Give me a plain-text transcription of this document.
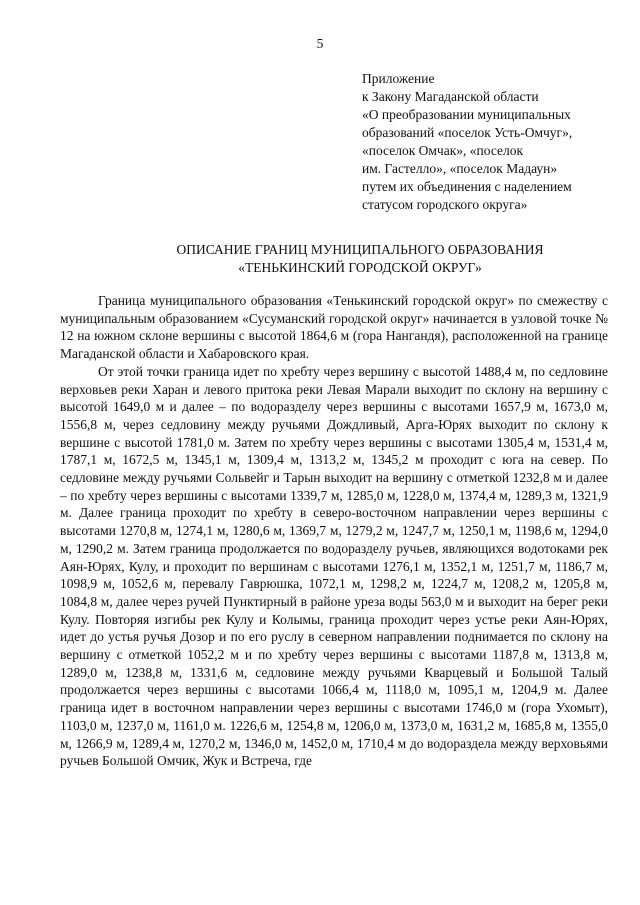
5
Приложение
к Закону Магаданской области
«О преобразовании муниципальных
образований «поселок Усть-Омчуг»,
«поселок Омчак», «поселок
им. Гастелло», «поселок Мадаун»
путем их объединения с наделением
статусом городского округа»
ОПИСАНИЕ ГРАНИЦ МУНИЦИПАЛЬНОГО ОБРАЗОВАНИЯ
«ТЕНЬКИНСКИЙ ГОРОДСКОЙ ОКРУГ»

Граница муниципального образования «Тенькинский городской округ» по смежеству с муниципальным образованием «Сусуманский городской округ» начинается в узловой точке № 12 на южном склоне вершины с высотой 1864,6 м (гора Нангандя), расположенной на границе Магаданской области и Хабаровского края.

От этой точки граница идет по хребту через вершину с высотой 1488,4 м, по седловине верховьев реки Харан и левого притока реки Левая Марали выходит по склону на вершину с высотой 1649,0 м и далее – по водоразделу через вершины с высотами 1657,9 м, 1673,0 м, 1556,8 м, через седловину между ручьями Дождливый, Арга-Юрях выходит по склону к вершине с высотой 1781,0 м. Затем по хребту через вершины с высотами 1305,4 м, 1531,4 м, 1787,1 м, 1672,5 м, 1345,1 м, 1309,4 м, 1313,2 м, 1345,2 м проходит с юга на север. По седловине между ручьями Сольвейг и Тарын выходит на вершину с отметкой 1232,8 м и далее – по хребту через вершины с высотами 1339,7 м, 1285,0 м, 1228,0 м, 1374,4 м, 1289,3 м, 1321,9 м. Далее граница проходит по хребту в северо-восточном направлении через вершины с высотами 1270,8 м, 1274,1 м, 1280,6 м, 1369,7 м, 1279,2 м, 1247,7 м, 1250,1 м, 1198,6 м, 1294,0 м, 1290,2 м. Затем граница продолжается по водоразделу ручьев, являющихся водотоками рек Аян-Юрях, Кулу, и проходит по вершинам с высотами 1276,1 м, 1352,1 м, 1251,7 м, 1186,7 м, 1098,9 м, 1052,6 м, перевалу Гаврюшка, 1072,1 м, 1298,2 м, 1224,7 м, 1208,2 м, 1205,8 м, 1084,8 м, далее через ручей Пунктирный в районе уреза воды 563,0 м и выходит на берег реки Кулу. Повторяя изгибы рек Кулу и Колымы, граница проходит через устье реки Аян-Юрях, идет до устья ручья Дозор и по его руслу в северном направлении поднимается по склону на вершину с отметкой 1052,2 м и по хребту через вершины с высотами 1187,8 м, 1313,8 м, 1289,0 м, 1238,8 м, 1331,6 м, седловине между ручьями Кварцевый и Большой Талый продолжается через вершины с высотами 1066,4 м, 1118,0 м, 1095,1 м, 1204,9 м. Далее граница идет в восточном направлении через вершины с высотами 1746,0 м (гора Ухомыт), 1103,0 м, 1237,0 м, 1161,0 м. 1226,6 м, 1254,8 м, 1206,0 м, 1373,0 м, 1631,2 м, 1685,8 м, 1355,0 м, 1266,9 м, 1289,4 м, 1270,2 м, 1346,0 м, 1452,0 м, 1710,4 м до водораздела между верховьями ручьев Большой Омчик, Жук и Встреча, где
